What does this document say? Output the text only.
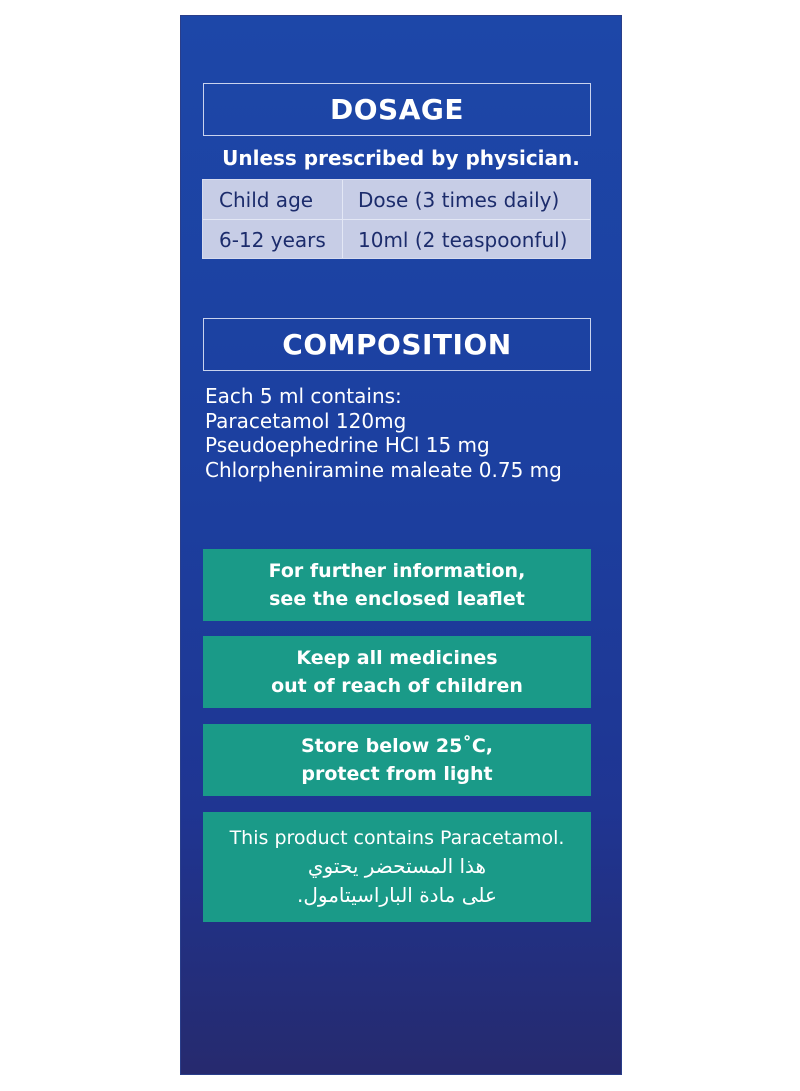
DOSAGE
Unless prescribed by physician.
Child age Dose (3 times daily)
6-12 years 10ml (2 teaspoonful)
COMPOSITION
Each 5 ml contains:
Paracetamol 120mg
Pseudoephedrine HCl 15 mg
Chlorpheniramine maleate 0.75 mg
For further information,
see the enclosed leaflet
Keep all medicines
out of reach of children
Store below 25˚C,
protect from light
This product contains Paracetamol.
هذا المستحضر يحتوي
على مادة الباراسيتامول.
